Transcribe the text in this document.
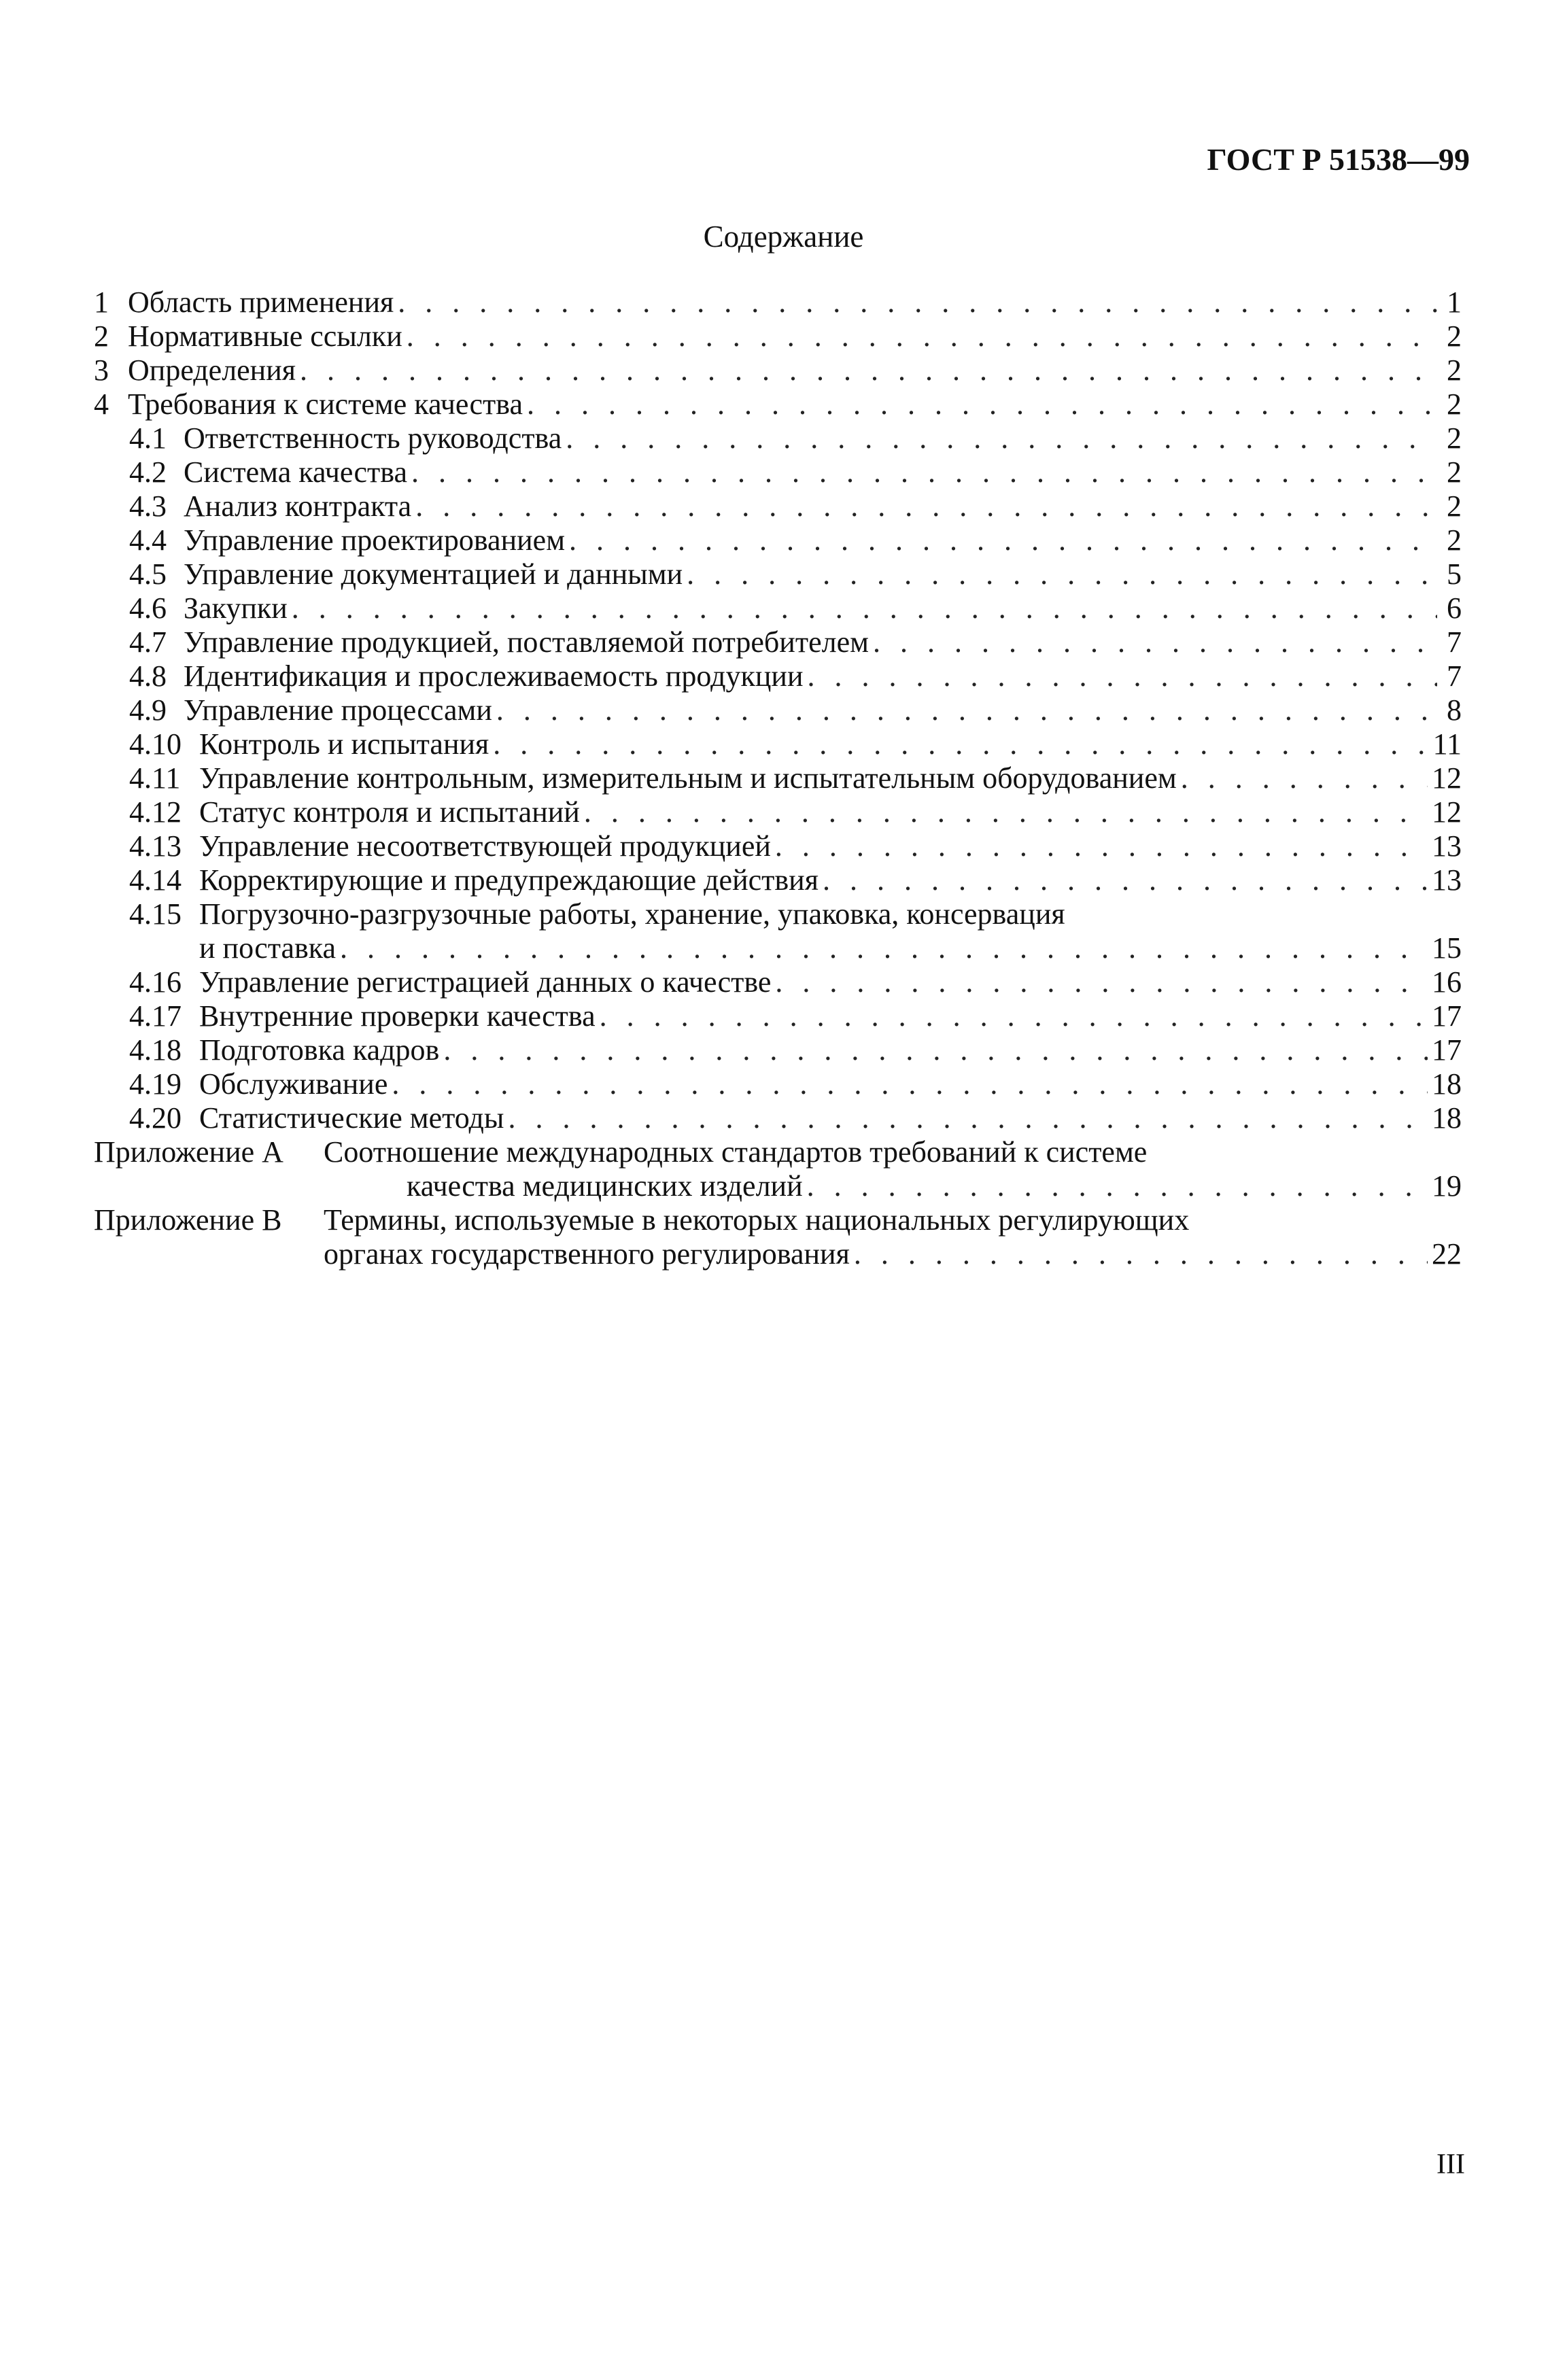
ГОСТ Р 51538—99
Содержание
1 Область применения . . .	1
2 Нормативные ссылки . . .	2
3 Определения . . .	2
4 Требования к системе качества . . .	2
4.1 Ответственность руководства . . .	2
4.2 Система качества . . .	2
4.3 Анализ контракта . . .	2
4.4 Управление проектированием . . .	2
4.5 Управление документацией и данными . . .	5
4.6 Закупки . . .	6
4.7 Управление продукцией, поставляемой потребителем . . .	7
4.8 Идентификация и прослеживаемость продукции . . .	7
4.9 Управление процессами . . .	8
4.10 Контроль и испытания . . .	11
4.11 Управление контрольным, измерительным и испытательным оборудованием . . .	12
4.12 Статус контроля и испытаний . . .	12
4.13 Управление несоответствующей продукцией . . .	13
4.14 Корректирующие и предупреждающие действия . . .	13
4.15 Погрузочно-разгрузочные работы, хранение, упаковка, консервация
и поставка . . .	15
4.16 Управление регистрацией данных о качестве . . .	16
4.17 Внутренние проверки качества . . .	17
4.18 Подготовка кадров . . .	17
4.19 Обслуживание . . .	18
4.20 Статистические методы . . .	18
Приложение А Соотношение международных стандартов требований к системе
качества медицинских изделий . . .	19
Приложение В Термины, используемые в некоторых национальных регулирующих
органах государственного регулирования . . .	22
III
